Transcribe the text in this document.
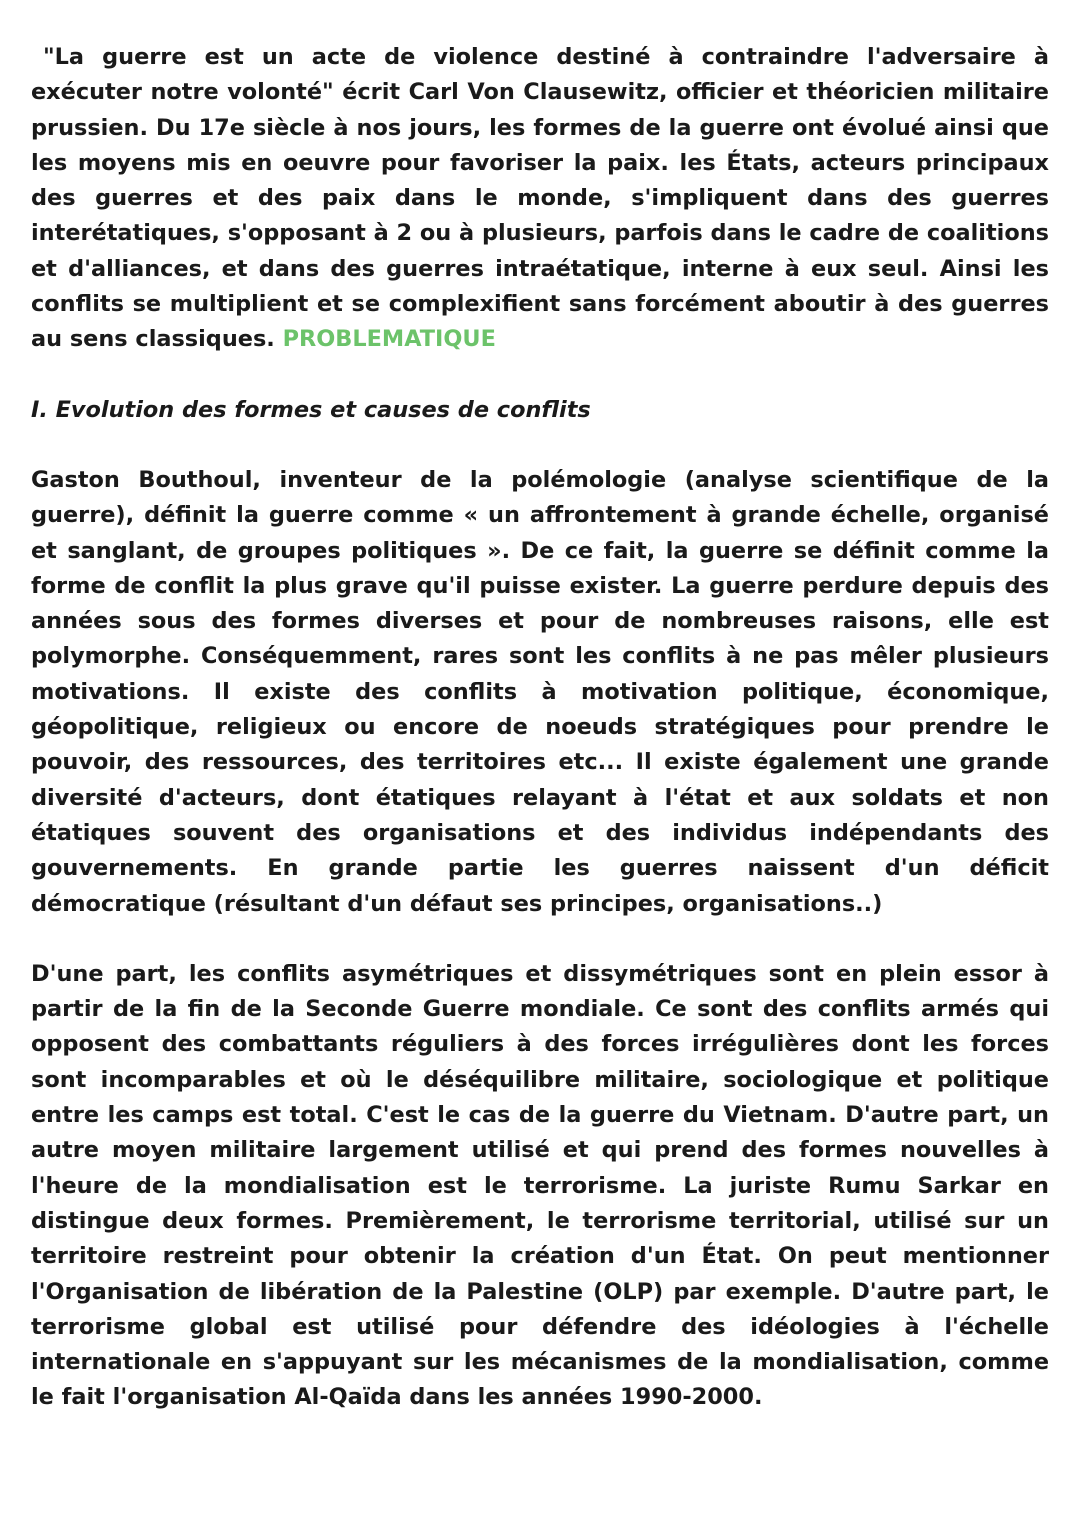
"La guerre est un acte de violence destiné à contraindre l'adversaire à exécuter notre volonté" écrit Carl Von Clausewitz, officier et théoricien militaire prussien. Du 17e siècle à nos jours, les formes de la guerre ont évolué ainsi que les moyens mis en oeuvre pour favoriser la paix. les États, acteurs principaux des guerres et des paix dans le monde, s'impliquent dans des guerres interétatiques, s'opposant à 2 ou à plusieurs, parfois dans le cadre de coalitions et d'alliances, et dans des guerres intraétatique, interne à eux seul. Ainsi les conflits se multiplient et se complexifient sans forcément aboutir à des guerres au sens classiques. PROBLEMATIQUE

I. Evolution des formes et causes de conflits

Gaston Bouthoul, inventeur de la polémologie (analyse scientifique de la guerre), définit la guerre comme « un affrontement à grande échelle, organisé et sanglant, de groupes politiques ». De ce fait, la guerre se définit comme la forme de conflit la plus grave qu'il puisse exister. La guerre perdure depuis des années sous des formes diverses et pour de nombreuses raisons, elle est polymorphe. Conséquemment, rares sont les conflits à ne pas mêler plusieurs motivations. Il existe des conflits à motivation politique, économique, géopolitique, religieux ou encore de noeuds stratégiques pour prendre le pouvoir, des ressources, des territoires etc... Il existe également une grande diversité d'acteurs, dont étatiques relayant à l'état et aux soldats et non étatiques souvent des organisations et des individus indépendants des gouvernements. En grande partie les guerres naissent d'un déficit démocratique (résultant d'un défaut ses principes, organisations..)

D'une part, les conflits asymétriques et dissymétriques sont en plein essor à partir de la fin de la Seconde Guerre mondiale. Ce sont des conflits armés qui opposent des combattants réguliers à des forces irrégulières dont les forces sont incomparables et où le déséquilibre militaire, sociologique et politique entre les camps est total. C'est le cas de la guerre du Vietnam. D'autre part, un autre moyen militaire largement utilisé et qui prend des formes nouvelles à l'heure de la mondialisation est le terrorisme. La juriste Rumu Sarkar en distingue deux formes. Premièrement, le terrorisme territorial, utilisé sur un territoire restreint pour obtenir la création d'un État. On peut mentionner l'Organisation de libération de la Palestine (OLP) par exemple. D'autre part, le terrorisme global est utilisé pour défendre des idéologies à l'échelle internationale en s'appuyant sur les mécanismes de la mondialisation, comme le fait l'organisation Al-Qaïda dans les années 1990-2000.
